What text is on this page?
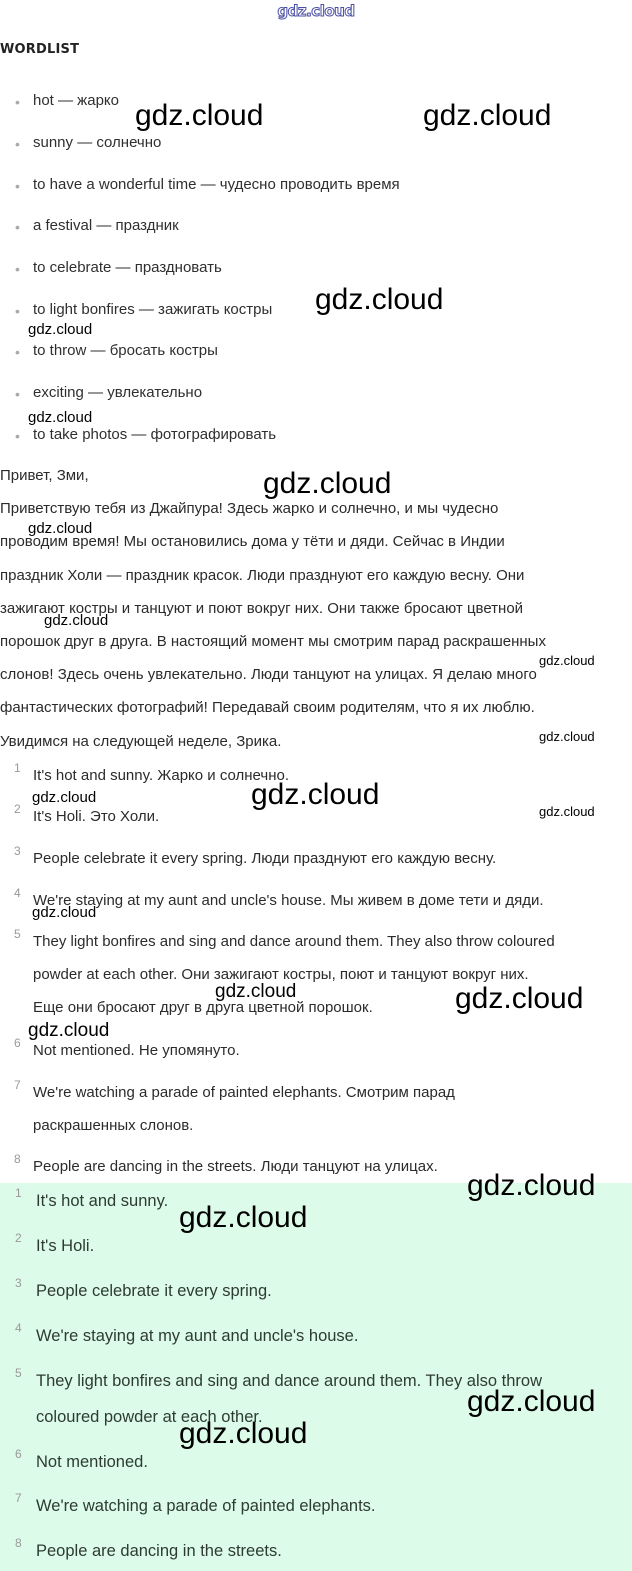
gdz.cloud
WORDLIST
• hot — жарко
• sunny — солнечно
• to have a wonderful time — чудесно проводить время
• a festival — праздник
• to celebrate — праздновать
• to light bonfires — зажигать костры
• to throw — бросать костры
• exciting — увлекательно
• to take photos — фотографировать

Привет, Зми,

Приветствую тебя из Джайпура! Здесь жарко и солнечно, и мы чудесно

проводим время! Мы остановились дома у тёти и дяди. Сейчас в Индии

праздник Холи — праздник красок. Люди празднуют его каждую весну. Они

зажигают костры и танцуют и поют вокруг них. Они также бросают цветной

порошок друг в друга. В настоящий момент мы смотрим парад раскрашенных

слонов! Здесь очень увлекательно. Люди танцуют на улицах. Я делаю много

фантастических фотографий! Передавай своим родителям, что я их люблю.

Увидимся на следующей неделе, Зрика.

1 It's hot and sunny. Жарко и солнечно.
2 It's Holi. Это Холи.
3 People celebrate it every spring. Люди празднуют его каждую весну.
4 We're staying at my aunt and uncle's house. Мы живем в доме тети и дяди.
5 They light bonfires and sing and dance around them. They also throw coloured
powder at each other. Они зажигают костры, поют и танцуют вокруг них.
Еще они бросают друг в друга цветной порошок.
6 Not mentioned. Не упомянуто.
7 We're watching a parade of painted elephants. Смотрим парад
раскрашенных слонов.
8 People are dancing in the streets. Люди танцуют на улицах.
1 It's hot and sunny.
2 It's Holi.
3 People celebrate it every spring.
4 We're staying at my aunt and uncle's house.
5 They light bonfires and sing and dance around them. They also throw
coloured powder at each other.
6 Not mentioned.
7 We're watching a parade of painted elephants.
8 People are dancing in the streets.
gdz.cloud	gdz.cloud
gdz.cloud
gdz.cloud
gdz.cloud
gdz.cloud
gdz.cloud
gdz.cloud
gdz.cloud
gdz.cloud
gdz.cloud
gdz.cloud
gdz.cloud
gdz.cloud
gdz.cloud	gdz.cloud
gdz.cloud
gdz.cloud
gdz.cloud
gdz.cloud
gdz.cloud
